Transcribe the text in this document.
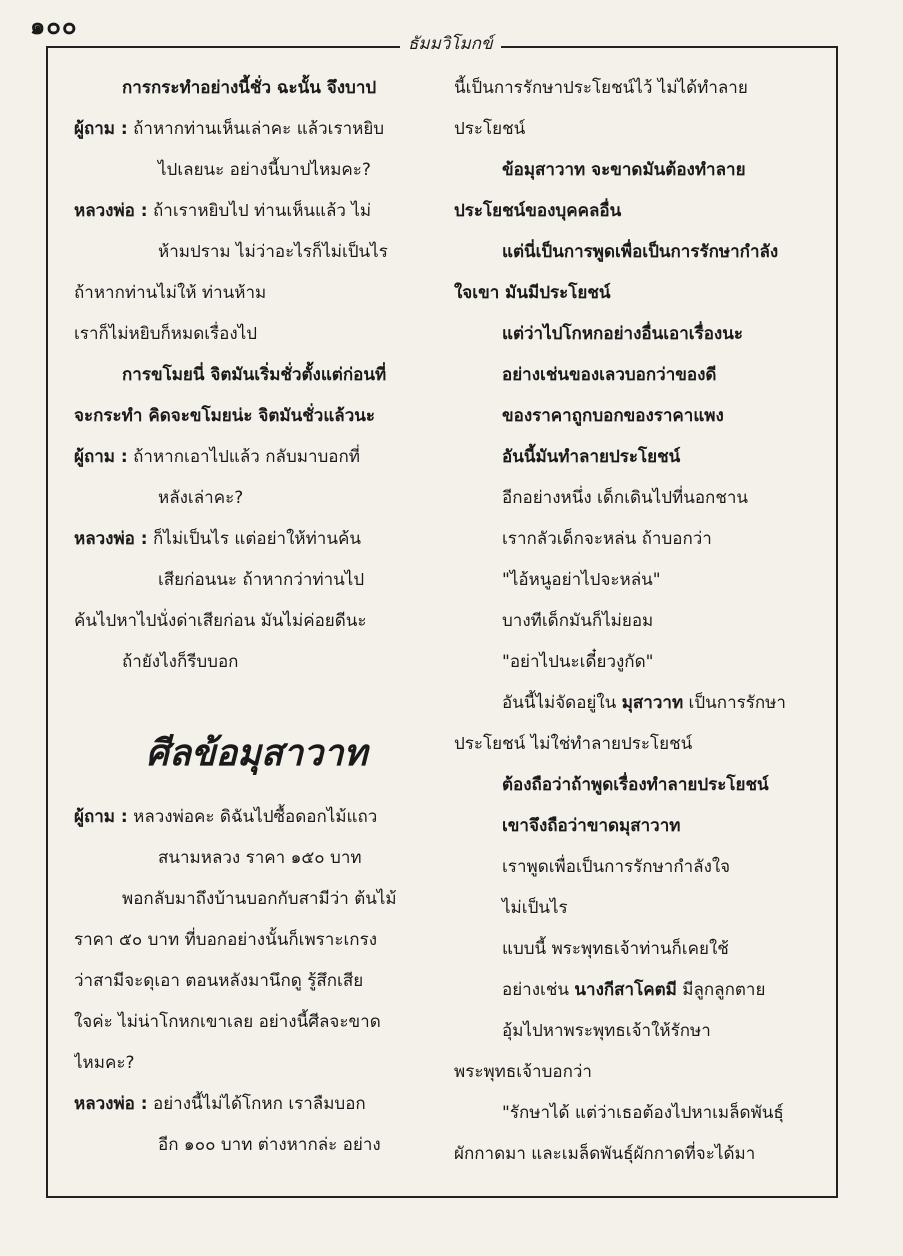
๑๐๐
ธัมมวิโมกข์
การกระทำอย่างนี้ชั่ว ฉะนั้น จึงบาป
ผู้ถาม : ถ้าหากท่านเห็นเล่าคะ แล้วเราหยิบ
ไปเลยนะ อย่างนี้บาปไหมคะ?
หลวงพ่อ : ถ้าเราหยิบไป ท่านเห็นแล้ว ไม่
ห้ามปราม ไม่ว่าอะไรก็ไม่เป็นไร
ถ้าหากท่านไม่ให้ ท่านห้าม
เราก็ไม่หยิบก็หมดเรื่องไป
การขโมยนี่ จิตมันเริ่มชั่วตั้งแต่ก่อนที่
จะกระทำ คิดจะขโมยน่ะ จิตมันชั่วแล้วนะ
ผู้ถาม : ถ้าหากเอาไปแล้ว กลับมาบอกที่
หลังเล่าคะ?
หลวงพ่อ : ก็ไม่เป็นไร แต่อย่าให้ท่านค้น
เสียก่อนนะ ถ้าหากว่าท่านไป
ค้นไปหาไปนั่งด่าเสียก่อน มันไม่ค่อยดีนะ
ถ้ายังไงก็รีบบอก
ศีลข้อมุสาวาท
ผู้ถาม : หลวงพ่อคะ ดิฉันไปซื้อดอกไม้แถว
สนามหลวง ราคา ๑๕๐ บาท
พอกลับมาถึงบ้านบอกกับสามีว่า ต้นไม้
ราคา ๕๐ บาท ที่บอกอย่างนั้นก็เพราะเกรง
ว่าสามีจะดุเอา ตอนหลังมานึกดู รู้สึกเสีย
ใจค่ะ ไม่น่าโกหกเขาเลย อย่างนี้ศีลจะขาด
ไหมคะ?
หลวงพ่อ : อย่างนี้ไม่ได้โกหก เราลืมบอก
อีก ๑๐๐ บาท ต่างหากล่ะ อย่าง
นี้เป็นการรักษาประโยชน์ไว้ ไม่ได้ทำลาย
ประโยชน์
ข้อมุสาวาท จะขาดมันต้องทำลาย
ประโยชน์ของบุคคลอื่น
แต่นี่เป็นการพูดเพื่อเป็นการรักษากำลัง
ใจเขา มันมีประโยชน์
แต่ว่าไปโกหกอย่างอื่นเอาเรื่องนะ
อย่างเช่นของเลวบอกว่าของดี
ของราคาถูกบอกของราคาแพง
อันนี้มันทำลายประโยชน์
อีกอย่างหนึ่ง เด็กเดินไปที่นอกชาน
เรากลัวเด็กจะหล่น ถ้าบอกว่า
"ไอ้หนูอย่าไปจะหล่น"
บางทีเด็กมันก็ไม่ยอม
"อย่าไปนะเดี๋ยวงูกัด"
อันนี้ไม่จัดอยู่ใน มุสาวาท เป็นการรักษา
ประโยชน์ ไม่ใช่ทำลายประโยชน์
ต้องถือว่าถ้าพูดเรื่องทำลายประโยชน์
เขาจึงถือว่าขาดมุสาวาท
เราพูดเพื่อเป็นการรักษากำลังใจ
ไม่เป็นไร
แบบนี้ พระพุทธเจ้าท่านก็เคยใช้
อย่างเช่น นางกีสาโคตมี มีลูกลูกตาย
อุ้มไปหาพระพุทธเจ้าให้รักษา
พระพุทธเจ้าบอกว่า
"รักษาได้ แต่ว่าเธอต้องไปหาเมล็ดพันธุ์
ผักกาดมา และเมล็ดพันธุ์ผักกาดที่จะได้มา
